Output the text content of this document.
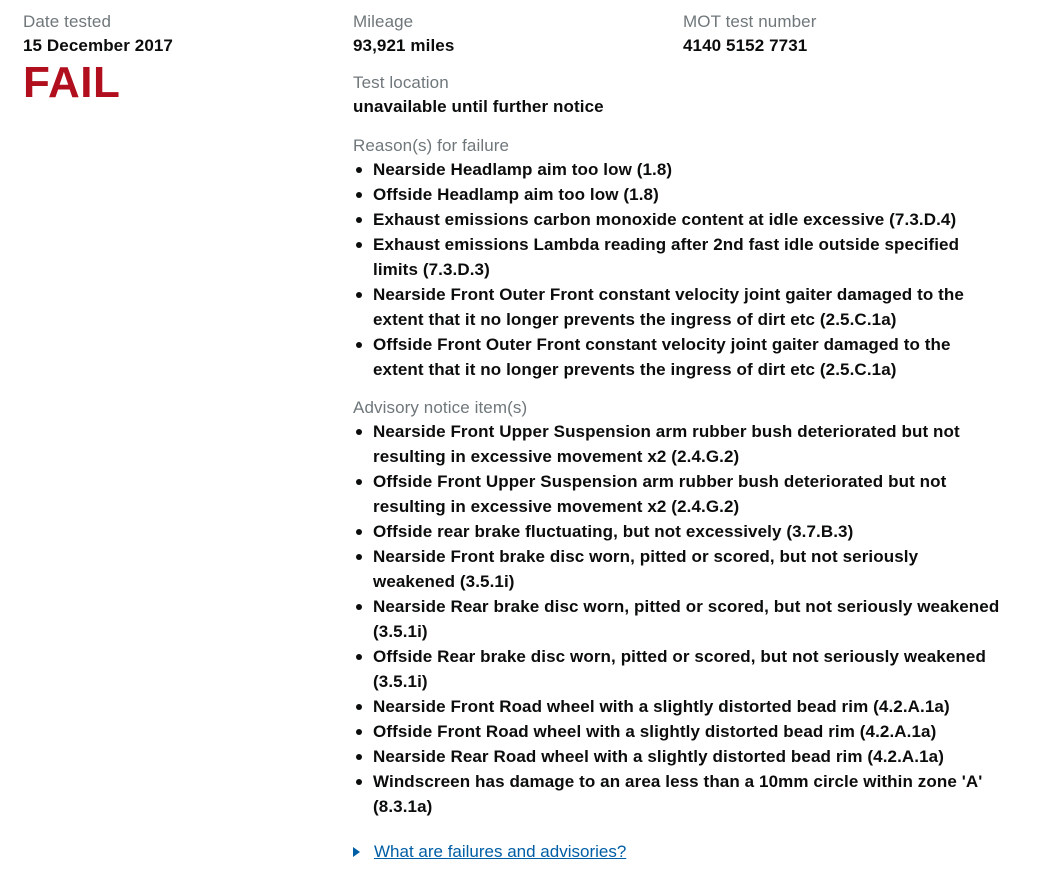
Date tested

15 December 2017

FAIL

Mileage

93,921 miles

Test location

unavailable until further notice

Reason(s) for failure

Nearside Headlamp aim too low (1.8)
Offside Headlamp aim too low (1.8)
Exhaust emissions carbon monoxide content at idle excessive (7.3.D.4)
Exhaust emissions Lambda reading after 2nd fast idle outside specified limits (7.3.D.3)
Nearside Front Outer Front constant velocity joint gaiter damaged to the extent that it no longer prevents the ingress of dirt etc (2.5.C.1a)
Offside Front Outer Front constant velocity joint gaiter damaged to the extent that it no longer prevents the ingress of dirt etc (2.5.C.1a)

Advisory notice item(s)

Nearside Front Upper Suspension arm rubber bush deteriorated but not resulting in excessive movement x2 (2.4.G.2)
Offside Front Upper Suspension arm rubber bush deteriorated but not resulting in excessive movement x2 (2.4.G.2)
Offside rear brake fluctuating, but not excessively (3.7.B.3)
Nearside Front brake disc worn, pitted or scored, but not seriously weakened (3.5.1i)
Nearside Rear brake disc worn, pitted or scored, but not seriously weakened (3.5.1i)
Offside Rear brake disc worn, pitted or scored, but not seriously weakened (3.5.1i)
Nearside Front Road wheel with a slightly distorted bead rim (4.2.A.1a)
Offside Front Road wheel with a slightly distorted bead rim (4.2.A.1a)
Nearside Rear Road wheel with a slightly distorted bead rim (4.2.A.1a)
Windscreen has damage to an area less than a 10mm circle within zone 'A' (8.3.1a)
What are failures and advisories?

MOT test number

4140 5152 7731
